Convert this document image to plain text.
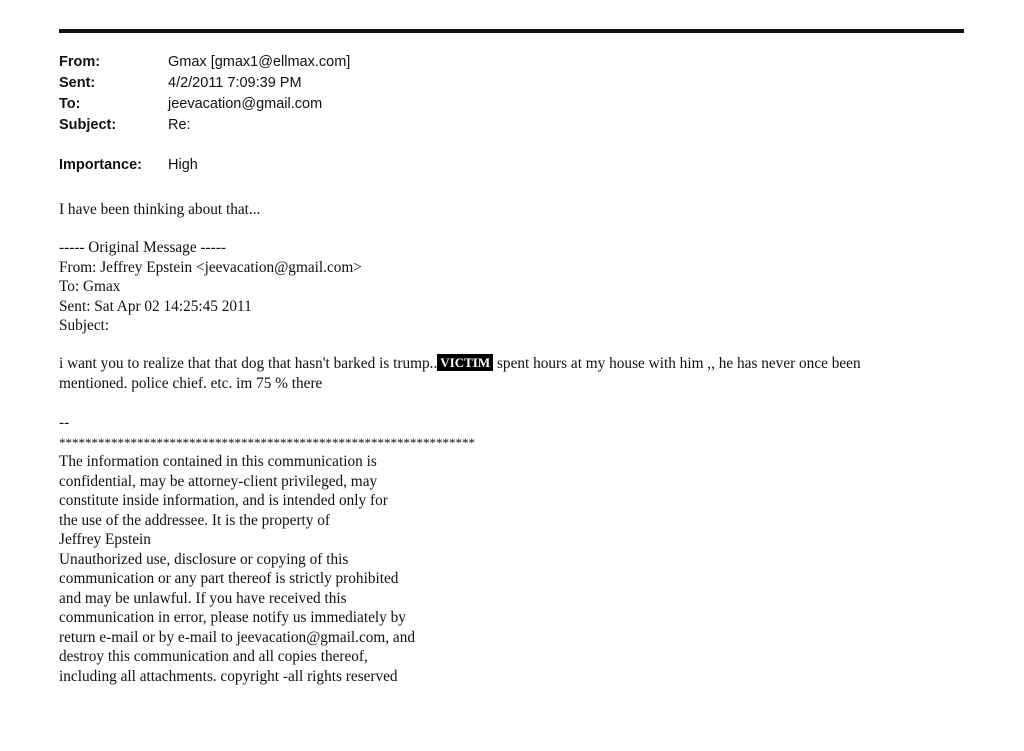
From:	Gmax [gmax1@ellmax.com]
Sent:	4/2/2011 7:09:39 PM
To:	jeevacation@gmail.com
Subject:	Re:
Importance: High
I have been thinking about that...
----- Original Message -----
From: Jeffrey Epstein <jeevacation@gmail.com>
To: Gmax
Sent: Sat Apr 02 14:25:45 2011
Subject:
i want you to realize that that dog that hasn't barked is trump.. VICTIM spent hours at my house with him ,, he has never once been
mentioned. police chief. etc. im 75 % there
--
****************************************************************
The information contained in this communication is
confidential, may be attorney-client privileged, may
constitute inside information, and is intended only for
the use of the addressee. It is the property of
Jeffrey Epstein
Unauthorized use, disclosure or copying of this
communication or any part thereof is strictly prohibited
and may be unlawful. If you have received this
communication in error, please notify us immediately by
return e-mail or by e-mail to jeevacation@gmail.com, and
destroy this communication and all copies thereof,
including all attachments. copyright -all rights reserved
